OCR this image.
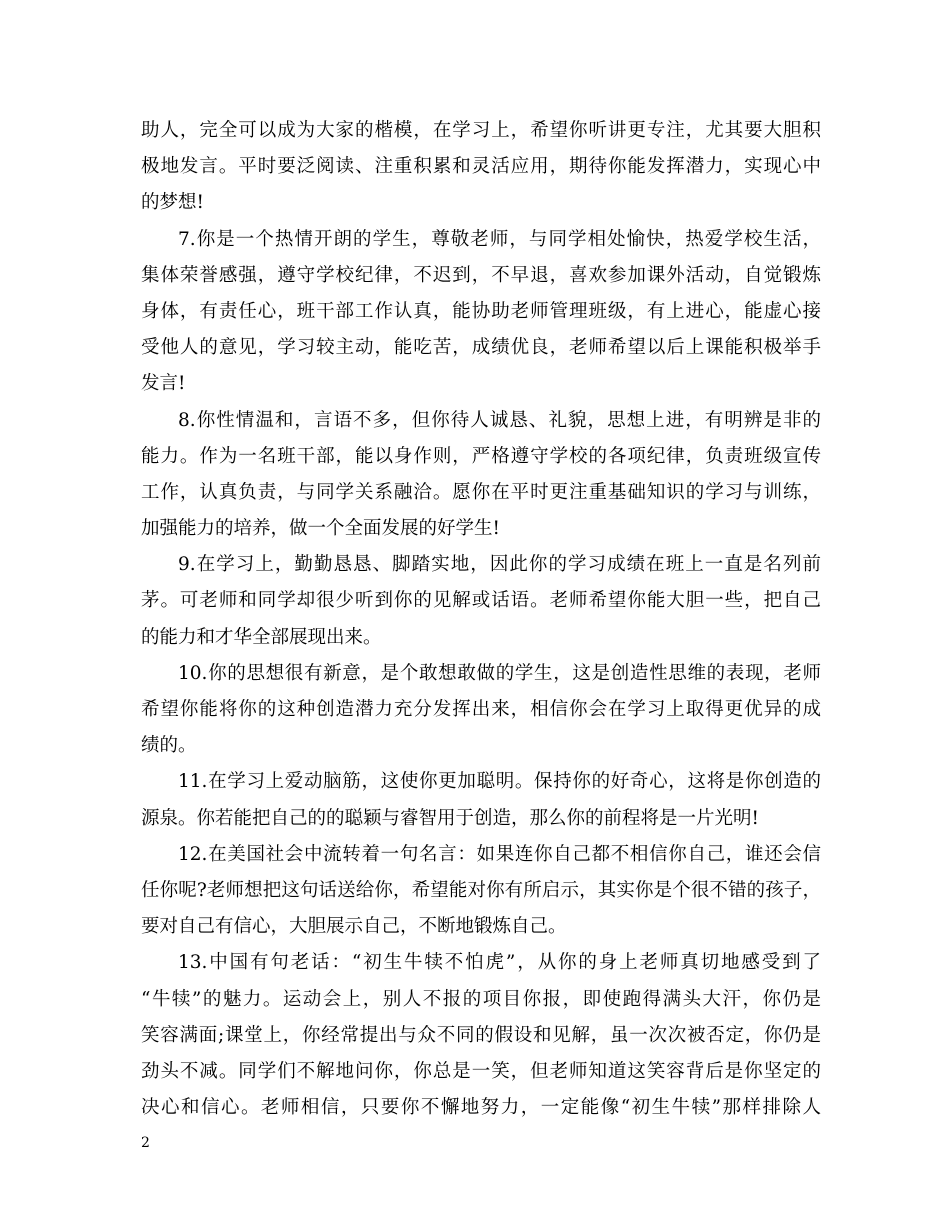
助人，完全可以成为大家的楷模，在学习上，希望你听讲更专注，尤其要大胆积
极地发言。平时要泛阅读、注重积累和灵活应用，期待你能发挥潜力，实现心中
的梦想!
7.你是一个热情开朗的学生，尊敬老师，与同学相处愉快，热爱学校生活，
集体荣誉感强，遵守学校纪律，不迟到，不早退，喜欢参加课外活动，自觉锻炼
身体，有责任心，班干部工作认真，能协助老师管理班级，有上进心，能虚心接
受他人的意见，学习较主动，能吃苦，成绩优良，老师希望以后上课能积极举手
发言!
8.你性情温和，言语不多，但你待人诚恳、礼貌，思想上进，有明辨是非的
能力。作为一名班干部，能以身作则，严格遵守学校的各项纪律，负责班级宣传
工作，认真负责，与同学关系融洽。愿你在平时更注重基础知识的学习与训练，
加强能力的培养，做一个全面发展的好学生!
9.在学习上，勤勤恳恳、脚踏实地，因此你的学习成绩在班上一直是名列前
茅。可老师和同学却很少听到你的见解或话语。老师希望你能大胆一些，把自己
的能力和才华全部展现出来。
10.你的思想很有新意，是个敢想敢做的学生，这是创造性思维的表现，老师
希望你能将你的这种创造潜力充分发挥出来，相信你会在学习上取得更优异的成
绩的。
11.在学习上爱动脑筋，这使你更加聪明。保持你的好奇心，这将是你创造的
源泉。你若能把自己的的聪颖与睿智用于创造，那么你的前程将是一片光明!
12.在美国社会中流转着一句名言：如果连你自己都不相信你自己，谁还会信
任你呢?老师想把这句话送给你，希望能对你有所启示，其实你是个很不错的孩子，
要对自己有信心，大胆展示自己，不断地锻炼自己。
13.中国有句老话：“初生牛犊不怕虎”，从你的身上老师真切地感受到了
“牛犊”的魅力。运动会上，别人不报的项目你报，即使跑得满头大汗，你仍是
笑容满面;课堂上，你经常提出与众不同的假设和见解，虽一次次被否定，你仍是
劲头不减。同学们不解地问你，你总是一笑，但老师知道这笑容背后是你坚定的
决心和信心。老师相信，只要你不懈地努力，一定能像“初生牛犊”那样排除人
2
